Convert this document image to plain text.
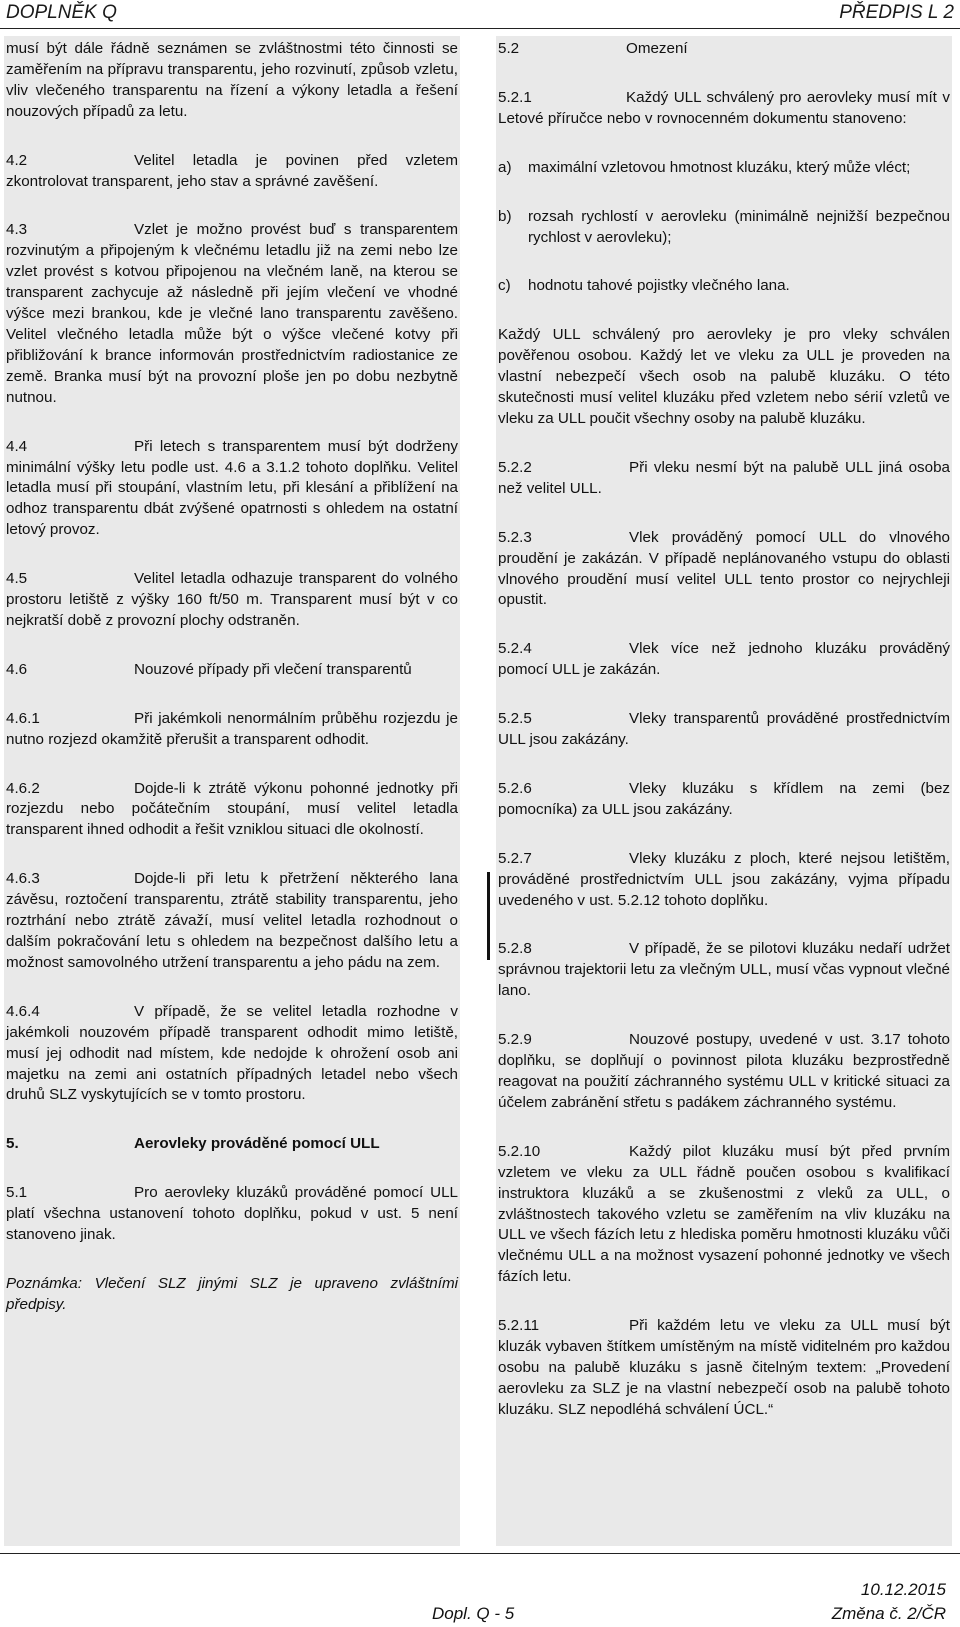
DOPLNĚK Q	PŘEDPIS L 2

musí být dále řádně seznámen se zvláštnostmi této činnosti se zaměřením na přípravu transparentu, jeho rozvinutí, způsob vzletu, vliv vlečeného transparentu na řízení a výkony letadla a řešení nouzových případů za letu.

4.2	Velitel letadla je povinen před vzletem zkontrolovat transparent, jeho stav a správné zavěšení.

4.3	Vzlet je možno provést buď s transparentem rozvinutým a připojeným k vlečnému letadlu již na zemi nebo lze vzlet provést s kotvou připojenou na vlečném laně, na kterou se transparent zachycuje až následně při jejím vlečení ve vhodné výšce mezi brankou, kde je vlečné lano transparentu zavěšeno. Velitel vlečného letadla může být o výšce vlečené kotvy při přibližování k brance informován prostřednictvím radiostanice ze země. Branka musí být na provozní ploše jen po dobu nezbytně nutnou.

4.4	Při letech s transparentem musí být dodrženy minimální výšky letu podle ust. 4.6 a 3.1.2 tohoto doplňku. Velitel letadla musí při stoupání, vlastním letu, při klesání a přiblížení na odhoz transparentu dbát zvýšené opatrnosti s ohledem na ostatní letový provoz.

4.5	Velitel letadla odhazuje transparent do volného prostoru letiště z výšky 160 ft/50 m. Transparent musí být v co nejkratší době z provozní plochy odstraněn.

4.6	Nouzové případy při vlečení transparentů

4.6.1	Při jakémkoli nenormálním průběhu rozjezdu je nutno rozjezd okamžitě přerušit a transparent odhodit.

4.6.2	Dojde-li k ztrátě výkonu pohonné jednotky při rozjezdu nebo počátečním stoupání, musí velitel letadla transparent ihned odhodit a řešit vzniklou situaci dle okolností.

4.6.3	Dojde-li při letu k přetržení některého lana závěsu, roztočení transparentu, ztrátě stability transparentu, jeho roztrhání nebo ztrátě závaží, musí velitel letadla rozhodnout o dalším pokračování letu s ohledem na bezpečnost dalšího letu a možnost samovolného utržení transparentu a jeho pádu na zem.

4.6.4	V případě, že se velitel letadla rozhodne v jakémkoli nouzovém případě transparent odhodit mimo letiště, musí jej odhodit nad místem, kde nedojde k ohrožení osob ani majetku na zemi ani ostatních případných letadel nebo všech druhů SLZ vyskytujících se v tomto prostoru.

5.	Aerovleky prováděné pomocí ULL

5.1	Pro aerovleky kluzáků prováděné pomocí ULL platí všechna ustanovení tohoto doplňku, pokud v ust. 5 není stanoveno jinak.

Poznámka: Vlečení SLZ jinými SLZ je upraveno zvláštními předpisy.

5.2	Omezení

5.2.1	Každý ULL schválený pro aerovleky musí mít v Letové příručce nebo v rovnocenném dokumentu stanoveno:

a) maximální vzletovou hmotnost kluzáku, který může vléct;

b) rozsah rychlostí v aerovleku (minimálně nejnižší bezpečnou rychlost v aerovleku);

c) hodnotu tahové pojistky vlečného lana.

Každý ULL schválený pro aerovleky je pro vleky schválen pověřenou osobou. Každý let ve vleku za ULL je proveden na vlastní nebezpečí všech osob na palubě kluzáku. O této skutečnosti musí velitel kluzáku před vzletem nebo sérií vzletů ve vleku za ULL poučit všechny osoby na palubě kluzáku.

5.2.2	Při vleku nesmí být na palubě ULL jiná osoba než velitel ULL.

5.2.3	Vlek prováděný pomocí ULL do vlnového proudění je zakázán. V případě neplánovaného vstupu do oblasti vlnového proudění musí velitel ULL tento prostor co nejrychleji opustit.

5.2.4	Vlek více než jednoho kluzáku prováděný pomocí ULL je zakázán.

5.2.5	Vleky transparentů prováděné prostřednictvím ULL jsou zakázány.

5.2.6	Vleky kluzáku s křídlem na zemi (bez pomocníka) za ULL jsou zakázány.

5.2.7	Vleky kluzáku z ploch, které nejsou letištěm, prováděné prostřednictvím ULL jsou zakázány, vyjma případu uvedeného v ust. 5.2.12 tohoto doplňku.

5.2.8	V případě, že se pilotovi kluzáku nedaří udržet správnou trajektorii letu za vlečným ULL, musí včas vypnout vlečné lano.

5.2.9	Nouzové postupy, uvedené v ust. 3.17 tohoto doplňku, se doplňují o povinnost pilota kluzáku bezprostředně reagovat na použití záchranného systému ULL v kritické situaci za účelem zabránění střetu s padákem záchranného systému.

5.2.10	Každý pilot kluzáku musí být před prvním vzletem ve vleku za ULL řádně poučen osobou s kvalifikací instruktora kluzáků a se zkušenostmi z vleků za ULL, o zvláštnostech takového vzletu se zaměřením na vliv kluzáku na ULL ve všech fázích letu z hlediska poměru hmotnosti kluzáku vůči vlečnému ULL a na možnost vysazení pohonné jednotky ve všech fázích letu.

5.2.11	Při každém letu ve vleku za ULL musí být kluzák vybaven štítkem umístěným na místě viditelném pro každou osobu na palubě kluzáku s jasně čitelným textem: „Provedení aerovleku za SLZ je na vlastní nebezpečí osob na palubě tohoto kluzáku. SLZ nepodléhá schválení ÚCL.“

Dopl. Q - 5
10.12.2015
Změna č. 2/ČR
